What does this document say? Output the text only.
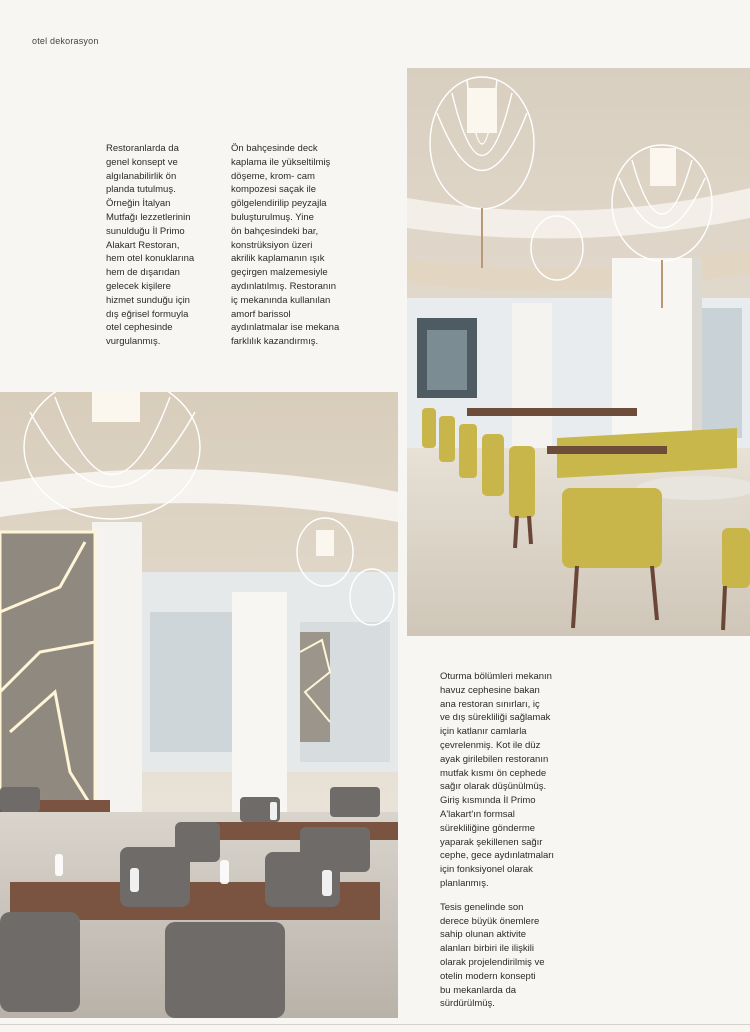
otel dekorasyon

Restoranlarda da
genel konsept ve
algılanabilirlik ön
planda tutulmuş.
Örneğin İtalyan
Mutfağı lezzetlerinin
sunulduğu İl Primo
Alakart Restoran,
hem otel konuklarına
hem de dışarıdan
gelecek kişilere
hizmet sunduğu için
dış eğrisel formuyla
otel cephesinde
vurgulanmış.

Ön bahçesinde deck
kaplama ile yükseltilmiş
döşeme, krom- cam
kompozesi saçak ile
gölgelendirilip peyzajla
buluşturulmuş. Yine
ön bahçesindeki bar,
konstrüksiyon üzeri
akrilik kaplamanın ışık
geçirgen malzemesiyle
aydınlatılmış. Restoranın
iç mekanında kullanılan
amorf barissol
aydınlatmalar ise mekana
farklılık kazandırmış.

Oturma bölümleri mekanın
havuz cephesine bakan
ana restoran sınırları, iç
ve dış sürekliliği sağlamak
için katlanır camlarla
çevrelenmiş. Kot ile düz
ayak girilebilen restoranın
mutfak kısmı ön cephede
sağır olarak düşünülmüş.
Giriş kısmında İl Primo
A'lakart'ın formsal
sürekliliğine gönderme
yaparak şekillenen sağır
cephe, gece aydınlatmaları
için fonksiyonel olarak
planlanmış.

Tesis genelinde son
derece büyük önemlere
sahip olunan aktivite
alanları birbiri ile ilişkili
olarak projelendirilmiş ve
otelin modern konsepti
bu mekanlarda da
sürdürülmüş.
